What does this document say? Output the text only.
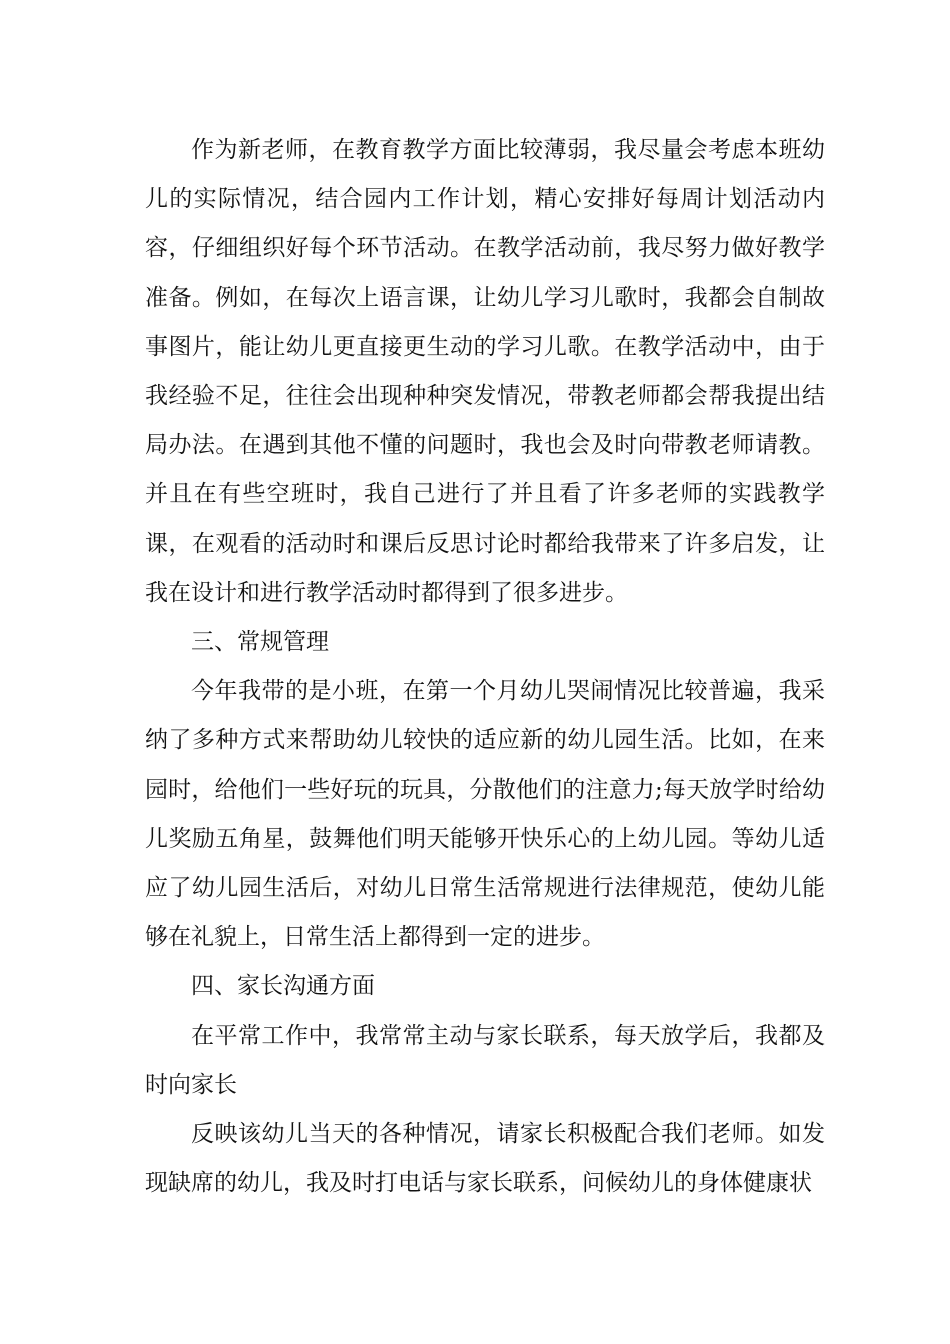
作为新老师，在教育教学方面比较薄弱，我尽量会考虑本班幼儿的实际情况，结合园内工作计划，精心安排好每周计划活动内容，仔细组织好每个环节活动。在教学活动前，我尽努力做好教学准备。例如，在每次上语言课，让幼儿学习儿歌时，我都会自制故事图片，能让幼儿更直接更生动的学习儿歌。在教学活动中，由于我经验不足，往往会出现种种突发情况，带教老师都会帮我提出结局办法。在遇到其他不懂的问题时，我也会及时向带教老师请教。并且在有些空班时，我自己进行了并且看了许多老师的实践教学课，在观看的活动时和课后反思讨论时都给我带来了许多启发，让我在设计和进行教学活动时都得到了很多进步。

三、常规管理

今年我带的是小班，在第一个月幼儿哭闹情况比较普遍，我采纳了多种方式来帮助幼儿较快的适应新的幼儿园生活。比如，在来园时，给他们一些好玩的玩具，分散他们的注意力;每天放学时给幼儿奖励五角星，鼓舞他们明天能够开快乐心的上幼儿园。等幼儿适应了幼儿园生活后，对幼儿日常生活常规进行法律规范，使幼儿能够在礼貌上，日常生活上都得到一定的进步。

四、家长沟通方面

在平常工作中，我常常主动与家长联系，每天放学后，我都及时向家长

反映该幼儿当天的各种情况，请家长积极配合我们老师。如发现缺席的幼儿，我及时打电话与家长联系，问候幼儿的身体健康状
